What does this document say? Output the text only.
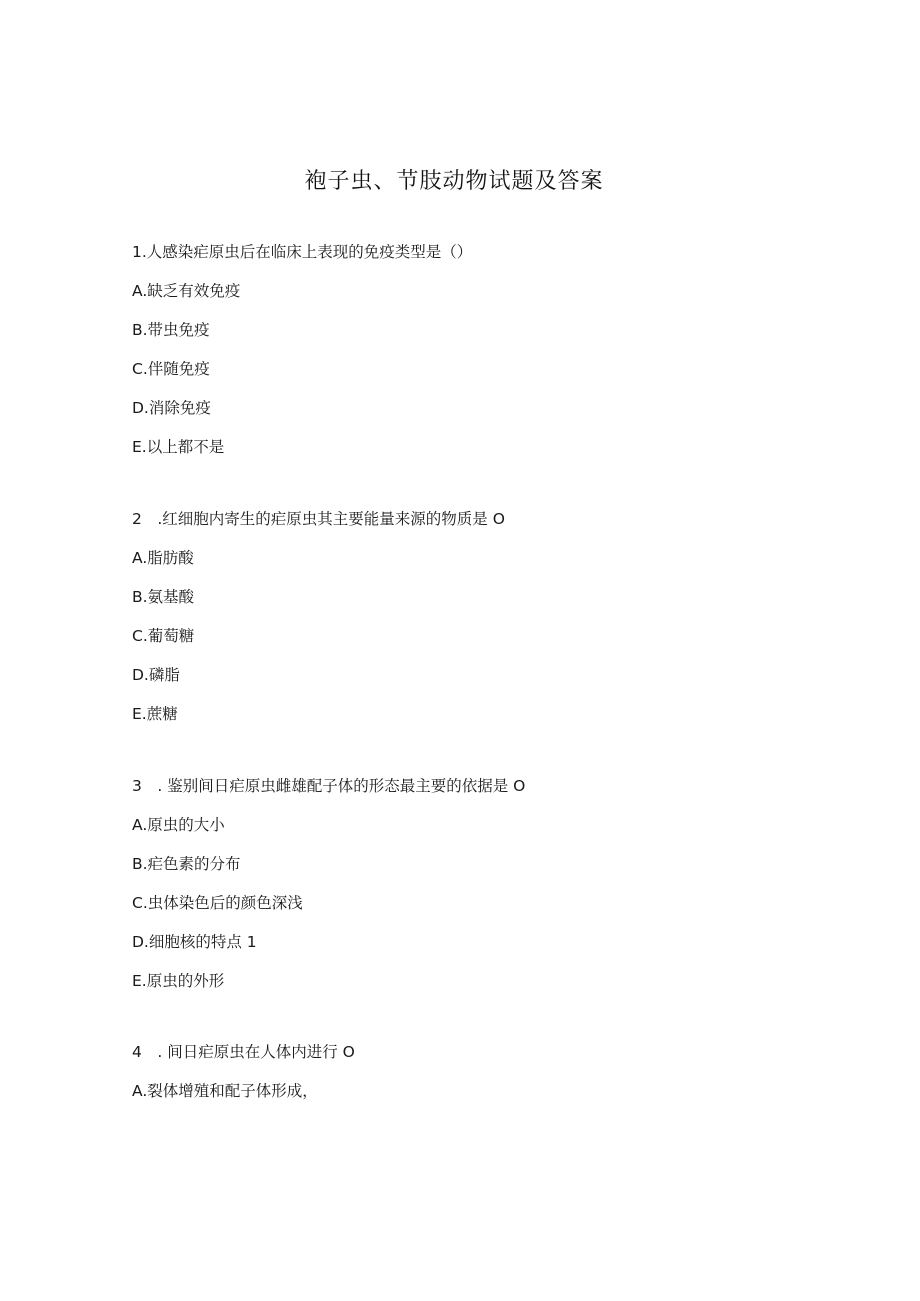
袍子虫、节肢动物试题及答案
1.人感染疟原虫后在临床上表现的免疫类型是（）
A.缺乏有效免疫
B.带虫免疫
C.伴随免疫
D.消除免疫
E.以上都不是
2　.红细胞内寄生的疟原虫其主要能量来源的物质是 O
A.脂肪酸
B.氨基酸
C.葡萄糖
D.磷脂
E.蔗糖
3　. 鉴别间日疟原虫雌雄配子体的形态最主要的依据是 O
A.原虫的大小
B.疟色素的分布
C.虫体染色后的颜色深浅
D.细胞核的特点 1
E.原虫的外形
4　. 间日疟原虫在人体内进行 O
A.裂体增殖和配子体形成，
